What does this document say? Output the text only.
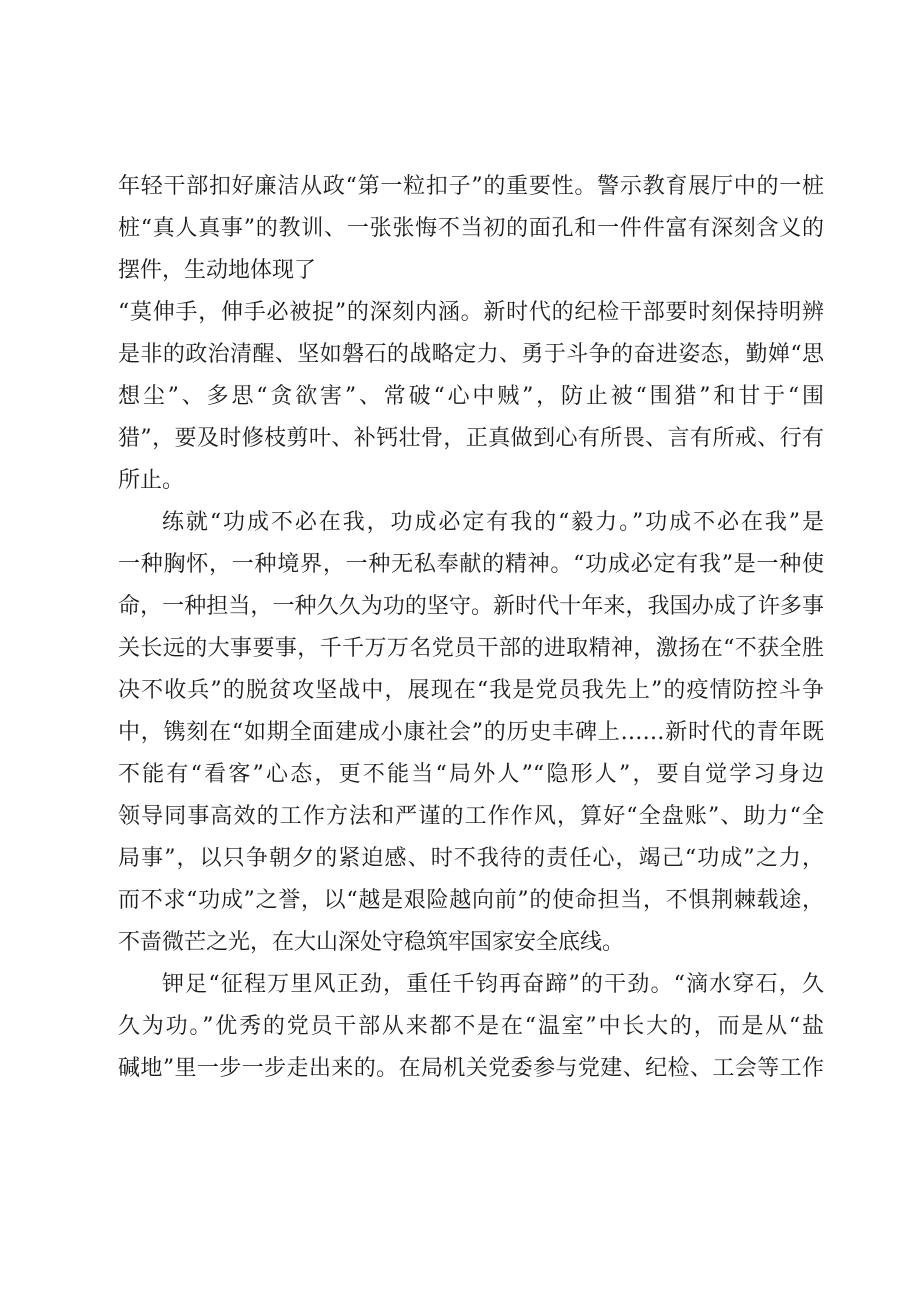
年轻干部扣好廉洁从政“第一粒扣子”的重要性。警示教育展厅中的一桩
桩“真人真事”的教训、一张张悔不当初的面孔和一件件富有深刻含义的
摆件，生动地体现了
“莫伸手，伸手必被捉”的深刻内涵。新时代的纪检干部要时刻保持明辨
是非的政治清醒、坚如磐石的战略定力、勇于斗争的奋进姿态，勤婵“思
想尘”、多思“贪欲害”、常破“心中贼”，防止被“围猎”和甘于“围
猎”，要及时修枝剪叶、补钙壮骨，正真做到心有所畏、言有所戒、行有
所止。
练就“功成不必在我，功成必定有我的“毅力。”功成不必在我”是
一种胸怀，一种境界，一种无私奉献的精神。“功成必定有我”是一种使
命，一种担当，一种久久为功的坚守。新时代十年来，我国办成了许多事
关长远的大事要事，千千万万名党员干部的进取精神，激扬在“不获全胜
决不收兵”的脱贫攻坚战中，展现在“我是党员我先上”的疫情防控斗争
中，镌刻在“如期全面建成小康社会”的历史丰碑上……新时代的青年既
不能有“看客”心态，更不能当“局外人”“隐形人”，要自觉学习身边
领导同事高效的工作方法和严谨的工作作风，算好“全盘账”、助力“全
局事”，以只争朝夕的紧迫感、时不我待的责任心，竭己“功成”之力，
而不求“功成”之誉，以“越是艰险越向前”的使命担当，不惧荆棘载途，
不啬微芒之光，在大山深处守稳筑牢国家安全底线。
钾足“征程万里风正劲，重任千钧再奋蹄”的干劲。“滴水穿石，久
久为功。”优秀的党员干部从来都不是在“温室”中长大的，而是从“盐
碱地”里一步一步走出来的。在局机关党委参与党建、纪检、工会等工作
